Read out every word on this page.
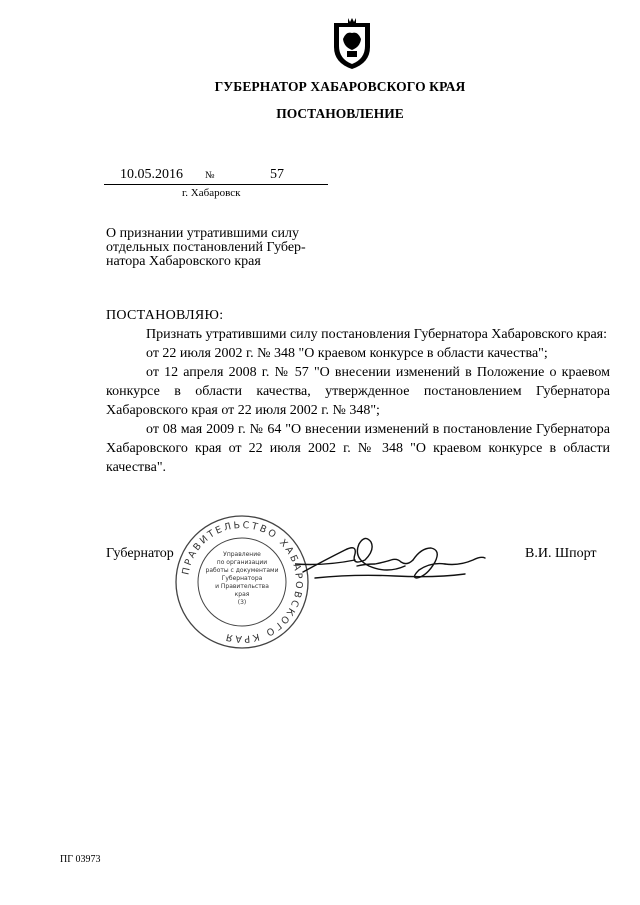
ГУБЕРНАТОР ХАБАРОВСКОГО КРАЯ
ПОСТАНОВЛЕНИЕ
10.05.2016 №	57
г. Хабаровск
О признании утратившими силу
отдельных постановлений Губер-
натора Хабаровского края

ПОСТАНОВЛЯЮ:

Признать утратившими силу постановления Губернатора Хабаровского края:

от 22 июля 2002 г. № 348 "О краевом конкурсе в области качества";

от 12 апреля 2008 г. № 57 "О внесении изменений в Положение о краевом конкурсе в области качества, утвержденное постановлением Губернатора Хабаровского края от 22 июля 2002 г. № 348";

от 08 мая 2009 г. № 64 "О внесении изменений в постановление Губернатора Хабаровского края от 22 июля 2002 г. № 348 "О краевом конкурсе в области качества".

Губернатор	В.И. Шпорт
ПРАВИТЕЛЬСТВО ХАБАРОВСКОГО КРАЯ
Управление
по организации
работы с документами
Губернатора
и Правительства
края
(3)
ПГ 03973
